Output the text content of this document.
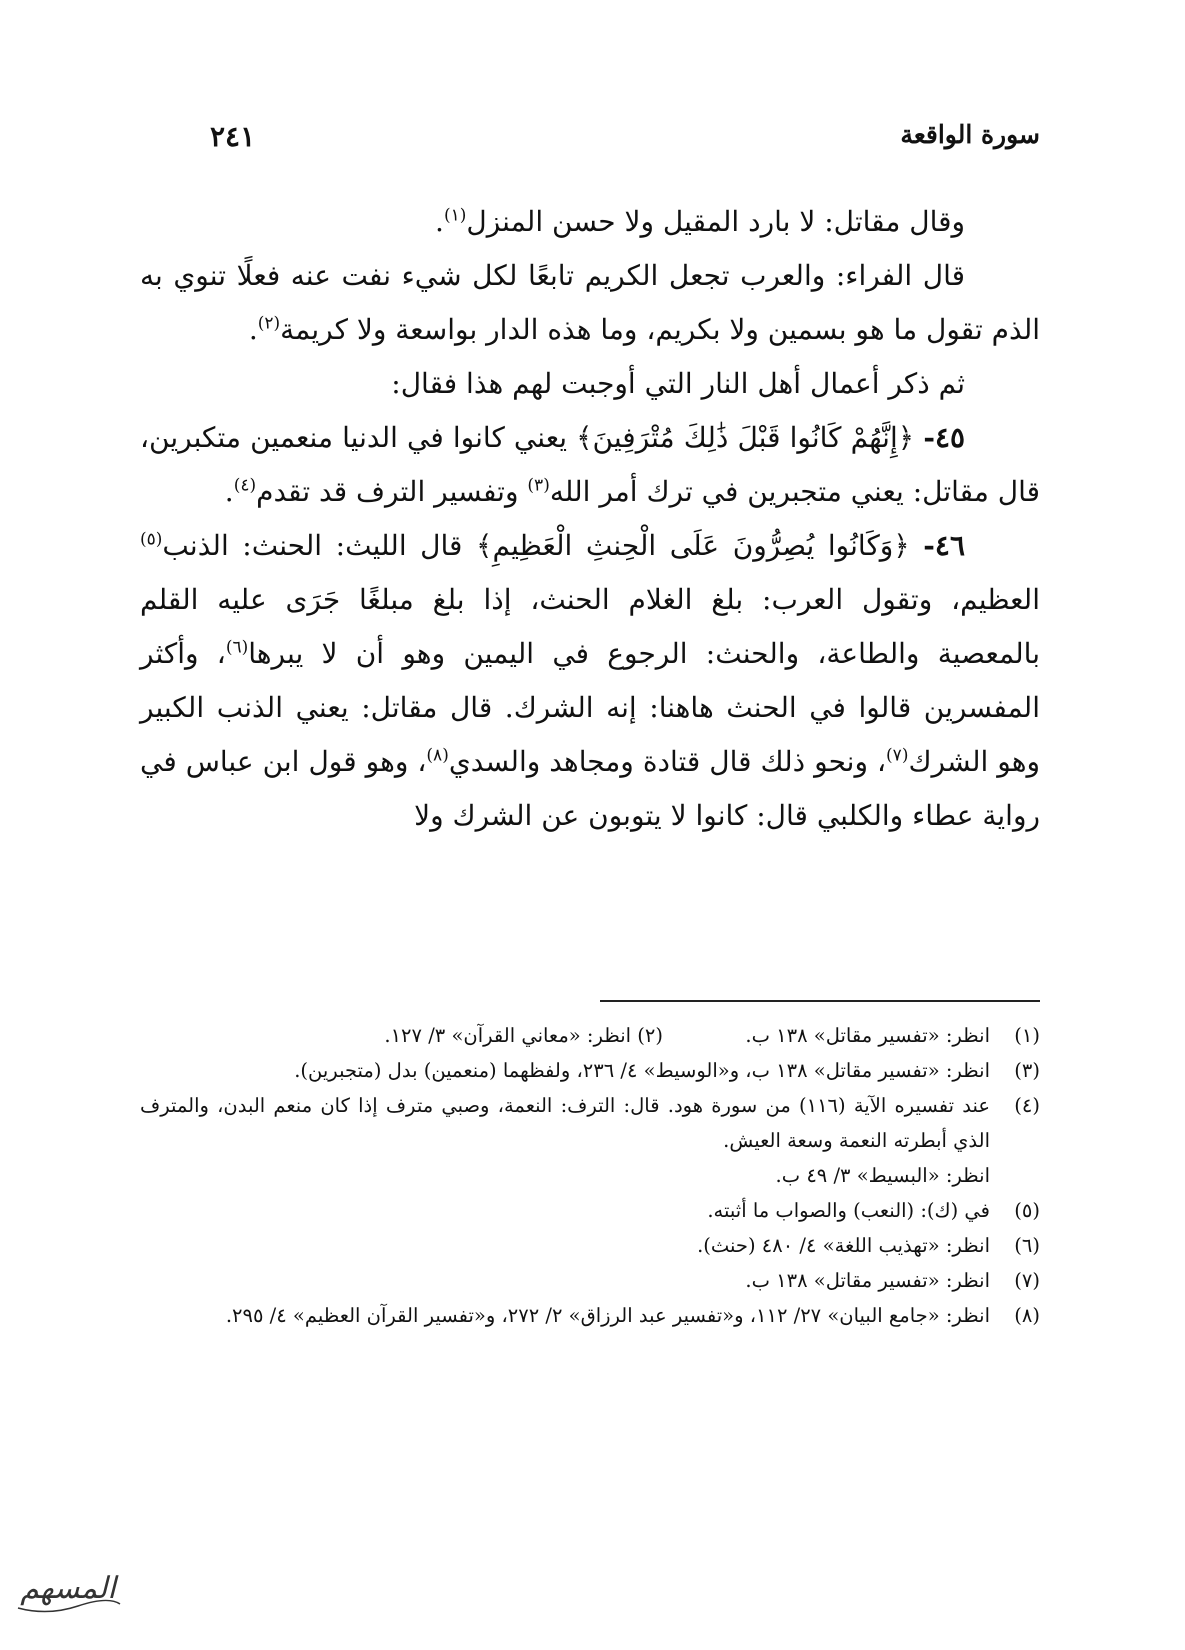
سورة الواقعة
٢٤١

وقال مقاتل: لا بارد المقيل ولا حسن المنزل$^{(١)}$.

قال الفراء: والعرب تجعل الكريم تابعًا لكل شيء نفت عنه فعلًا تنوي به الذم تقول ما هو بسمين ولا بكريم، وما هذه الدار بواسعة ولا كريمة$^{(٢)}$.

ثم ذكر أعمال أهل النار التي أوجبت لهم هذا فقال:

٤٥- ﴿إِنَّهُمْ كَانُوا قَبْلَ ذَٰلِكَ مُتْرَفِينَ﴾ يعني كانوا في الدنيا منعمين متكبرين، قال مقاتل: يعني متجبرين في ترك أمر الله$^{(٣)}$ وتفسير الترف قد تقدم$^{(٤)}$.

٤٦- ﴿وَكَانُوا يُصِرُّونَ عَلَى الْحِنثِ الْعَظِيمِ﴾ قال الليث: الحنث: الذنب$^{(٥)}$ العظيم، وتقول العرب: بلغ الغلام الحنث، إذا بلغ مبلغًا جَرَى عليه القلم بالمعصية والطاعة، والحنث: الرجوع في اليمين وهو أن لا يبرها$^{(٦)}$، وأكثر المفسرين قالوا في الحنث هاهنا: إنه الشرك. قال مقاتل: يعني الذنب الكبير وهو الشرك$^{(٧)}$، ونحو ذلك قال قتادة ومجاهد والسدي$^{(٨)}$، وهو قول ابن عباس في رواية عطاء والكلبي قال: كانوا لا يتوبون عن الشرك ولا

(١)
انظر: «تفسير مقاتل» ١٣٨ ب.  (٢) انظر: «معاني القرآن» ٣/ ١٢٧.
(٣)
انظر: «تفسير مقاتل» ١٣٨ ب، و«الوسيط» ٤/ ٢٣٦، ولفظهما (منعمين) بدل (متجبرين).
(٤)
عند تفسيره الآية (١١٦) من سورة هود. قال: الترف: النعمة، وصبي مترف إذا كان منعم البدن، والمترف الذي أبطرته النعمة وسعة العيش.
انظر: «البسيط» ٣/ ٤٩ ب.
(٥)
في (ك): (النعب) والصواب ما أثبته.
(٦)
انظر: «تهذيب اللغة» ٤/ ٤٨٠ (حنث).
(٧)
انظر: «تفسير مقاتل» ١٣٨ ب.
(٨)
انظر: «جامع البيان» ٢٧/ ١١٢، و«تفسير عبد الرزاق» ٢/ ٢٧٢، و«تفسير القرآن العظيم» ٤/ ٢٩٥.
المسهم
